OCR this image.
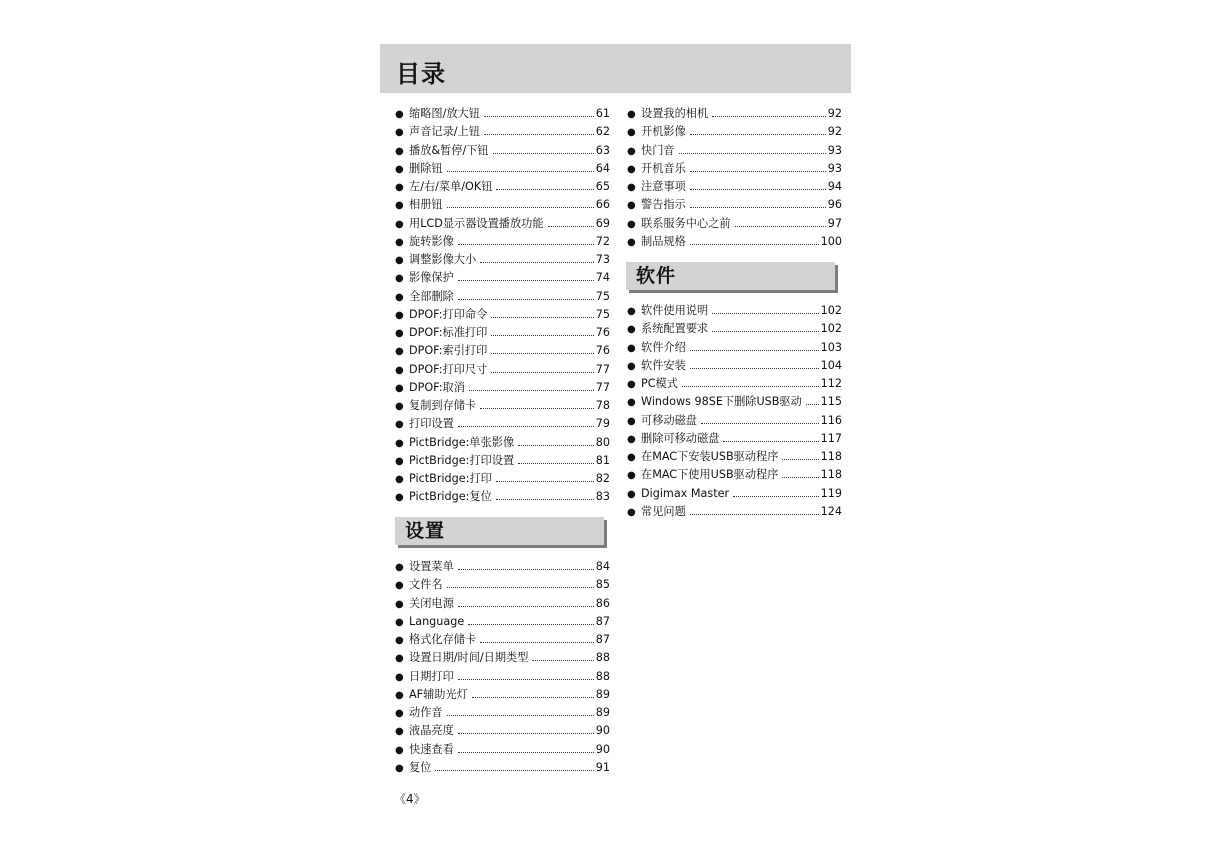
目录
● 缩略图/放大钮	61
● 声音记录/上钮	62
● 播放&暂停/下钮	63
● 删除钮	64
● 左/右/菜单/OK钮	65
● 相册钮	66
● 用LCD显示器设置播放功能	69
● 旋转影像	72
● 调整影像大小	73
● 影像保护	74
● 全部删除	75
● DPOF:打印命令	75
● DPOF:标准打印	76
● DPOF:索引打印	76
● DPOF:打印尺寸	77
● DPOF:取消	77
● 复制到存储卡	78
● 打印设置	79
● PictBridge:单张影像	80
● PictBridge:打印设置	81
● PictBridge:打印	82
● PictBridge:复位	83
设置
● 设置菜单	84
● 文件名	85
● 关闭电源	86
● Language	87
● 格式化存储卡	87
● 设置日期/时间/日期类型	88
● 日期打印	88
● AF辅助光灯	89
● 动作音	89
● 液晶亮度	90
● 快速查看	90
● 复位	91
● 设置我的相机	92
● 开机影像	92
● 快门音	93
● 开机音乐	93
● 注意事项	94
● 警告指示	96
● 联系服务中心之前	97
● 制品规格	100
软件
● 软件使用说明	102
● 系统配置要求	102
● 软件介绍	103
● 软件安装	104
● PC模式	112
● Windows 98SE下删除USB驱动 115
● 可移动磁盘	116
● 删除可移动磁盘	117
● 在MAC下安装USB驱动程序	118
● 在MAC下使用USB驱动程序	118
● Digimax Master	119
● 常见问题	124
《4》
